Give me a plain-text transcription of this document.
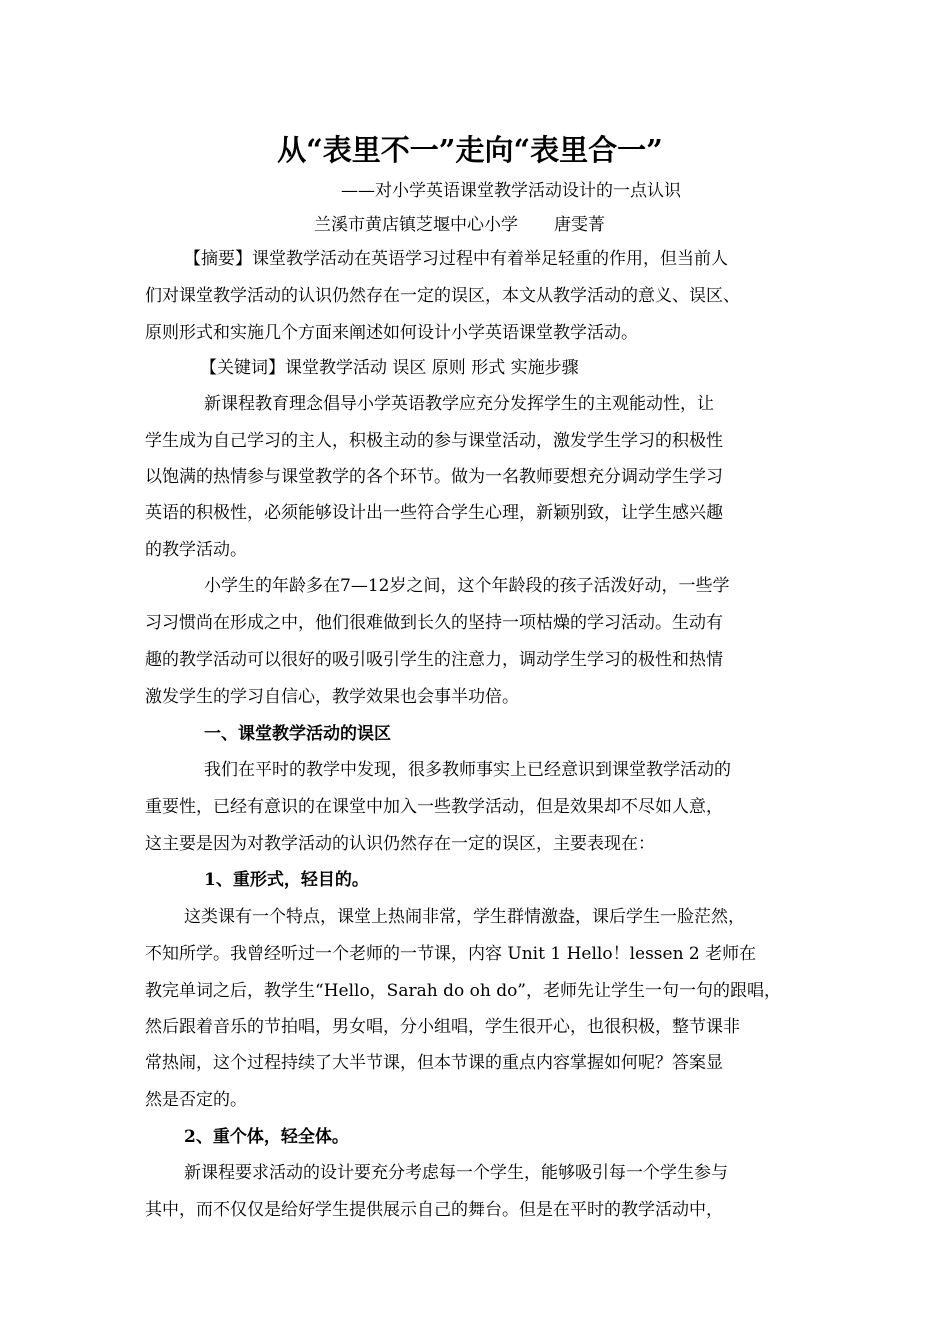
从“表里不一”走向“表里合一”
——对小学英语课堂教学活动设计的一点认识
兰溪市黄店镇芝堰中心小学 唐雯菁
【摘要】课堂教学活动在英语学习过程中有着举足轻重的作用，但当前人
们对课堂教学活动的认识仍然存在一定的误区，本文从教学活动的意义、误区、
原则形式和实施几个方面来阐述如何设计小学英语课堂教学活动。
【关键词】课堂教学活动 误区 原则 形式 实施步骤
新课程教育理念倡导小学英语教学应充分发挥学生的主观能动性，让
学生成为自己学习的主人，积极主动的参与课堂活动，激发学生学习的积极性
以饱满的热情参与课堂教学的各个环节。做为一名教师要想充分调动学生学习
英语的积极性，必须能够设计出一些符合学生心理，新颖别致，让学生感兴趣
的教学活动。
小学生的年龄多在7—12岁之间，这个年龄段的孩子活泼好动，一些学
习习惯尚在形成之中，他们很难做到长久的坚持一项枯燥的学习活动。生动有
趣的教学活动可以很好的吸引吸引学生的注意力，调动学生学习的极性和热情
激发学生的学习自信心，教学效果也会事半功倍。
一、课堂教学活动的误区
我们在平时的教学中发现，很多教师事实上已经意识到课堂教学活动的
重要性，已经有意识的在课堂中加入一些教学活动，但是效果却不尽如人意，
这主要是因为对教学活动的认识仍然存在一定的误区，主要表现在：
1、重形式，轻目的。
这类课有一个特点，课堂上热闹非常，学生群情激盎，课后学生一脸茫然，
不知所学。我曾经听过一个老师的一节课，内容 Unit 1 Hello！lessen 2 老师在
教完单词之后，教学生“Hello，Sarah do oh do”，老师先让学生一句一句的跟唱，
然后跟着音乐的节拍唱，男女唱，分小组唱，学生很开心，也很积极，整节课非
常热闹，这个过程持续了大半节课，但本节课的重点内容掌握如何呢？答案显
然是否定的。
2、重个体，轻全体。
新课程要求活动的设计要充分考虑每一个学生，能够吸引每一个学生参与
其中，而不仅仅是给好学生提供展示自己的舞台。但是在平时的教学活动中，
